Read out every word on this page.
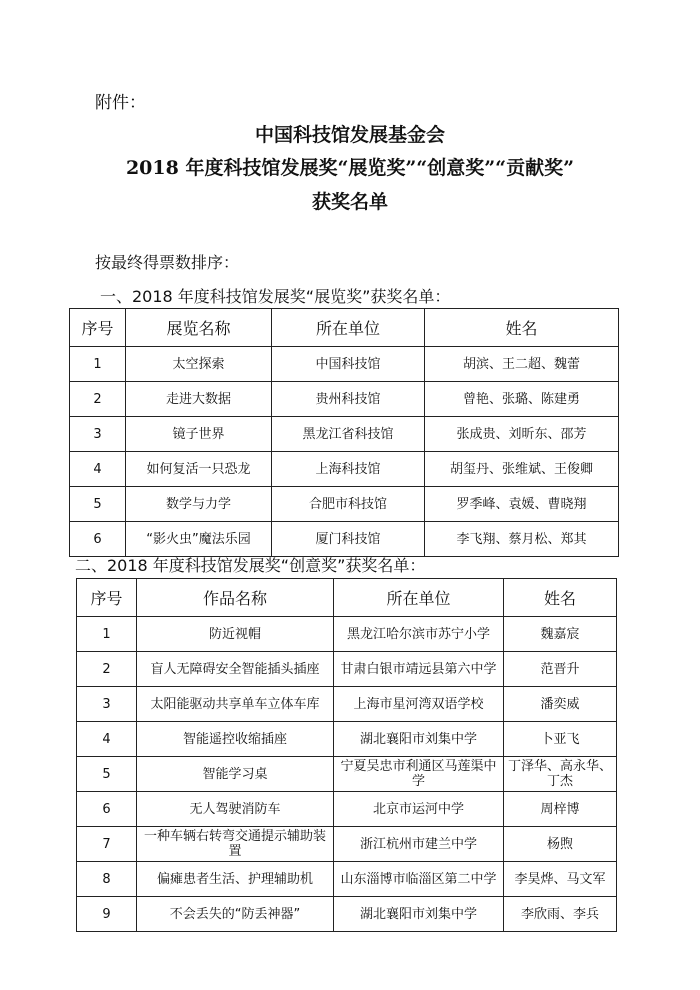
附件：
中国科技馆发展基金会
2018 年度科技馆发展奖“展览奖”“创意奖”“贡献奖”
获奖名单
按最终得票数排序：
一、2018 年度科技馆发展奖“展览奖”获奖名单：
序号	展览名称	所在单位	姓名
1	太空探索	中国科技馆	胡滨、王二超、魏蕾
2	走进大数据	贵州科技馆	曾艳、张璐、陈建勇
3	镜子世界	黑龙江省科技馆	张成贵、刘昕东、邵芳
4	如何复活一只恐龙	上海科技馆	胡玺丹、张维斌、王俊卿
5	数学与力学	合肥市科技馆	罗季峰、袁媛、曹晓翔
6	“影火虫”魔法乐园	厦门科技馆	李飞翔、蔡月松、郑其
二、2018 年度科技馆发展奖“创意奖”获奖名单：
序号	作品名称	所在单位	姓名
1	防近视帽	黑龙江哈尔滨市苏宁小学	魏嘉宸
2	盲人无障碍安全智能插头插座	甘肃白银市靖远县第六中学	范晋升
3	太阳能驱动共享单车立体车库	上海市星河湾双语学校	潘奕威
4	智能遥控收缩插座	湖北襄阳市刘集中学	卜亚飞
5	智能学习桌	宁夏吴忠市利通区马莲渠中学	丁泽华、高永华、丁杰
6	无人驾驶消防车	北京市运河中学	周梓博
7	一种车辆右转弯交通提示辅助装置	浙江杭州市建兰中学	杨煦
8	偏瘫患者生活、护理辅助机	山东淄博市临淄区第二中学	李昊烨、马文军
9	不会丢失的“防丢神器”	湖北襄阳市刘集中学	李欣雨、李兵
